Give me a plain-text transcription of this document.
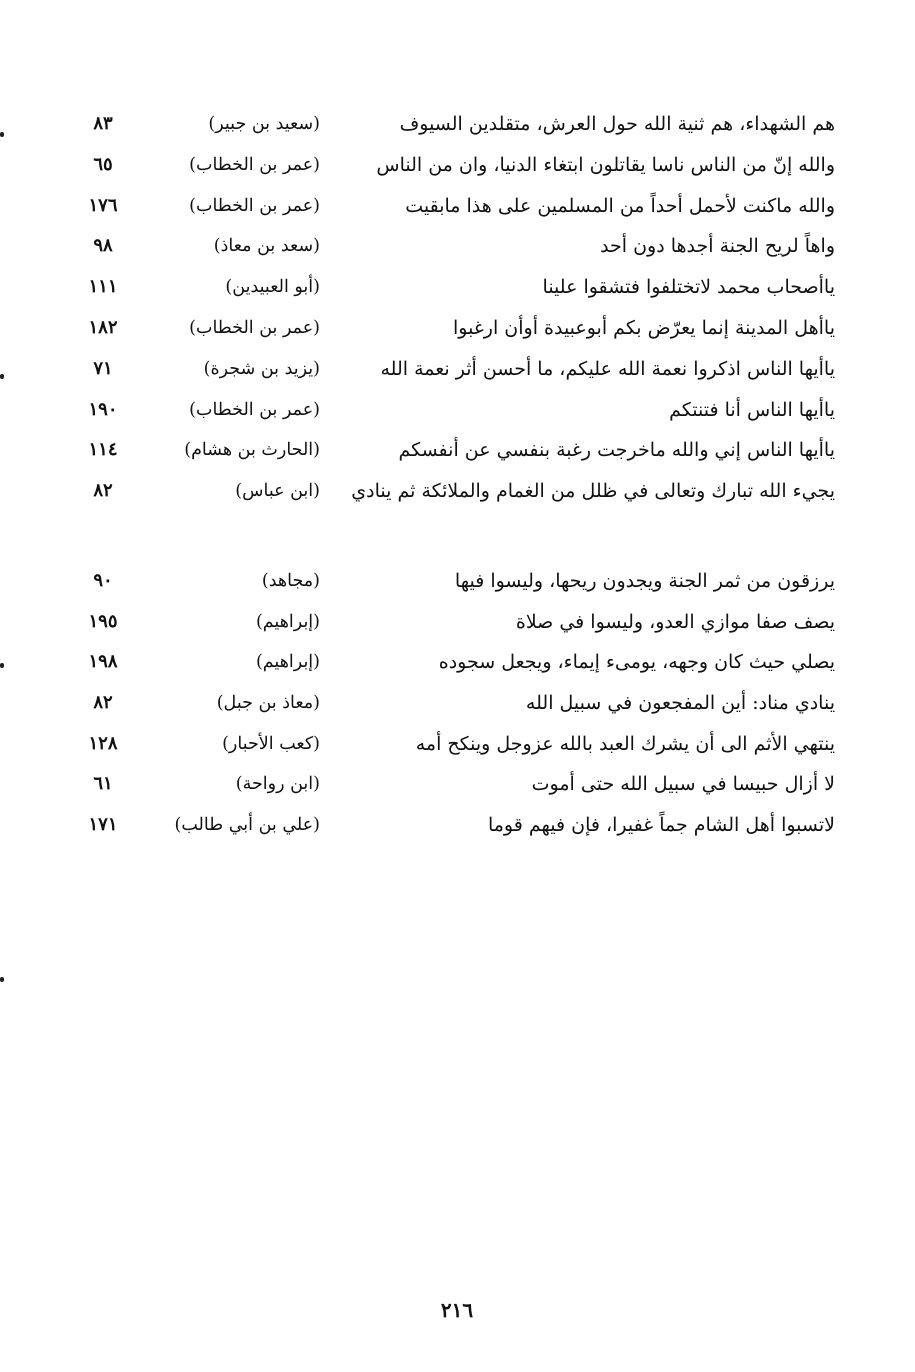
هم الشهداء، هم ثنية الله حول العرش، متقلدين السيوف
(سعيد بن جبير)
٨٣
والله إنّ من الناس ناسا يقاتلون ابتغاء الدنيا، وان من الناس
(عمر بن الخطاب)
٦٥
والله ماكنت لأحمل أحداً من المسلمين على هذا مابقيت
(عمر بن الخطاب)
١٧٦
واهاً لريح الجنة أجدها دون أحد
(سعد بن معاذ)
٩٨
ياأصحاب محمد لاتختلفوا فتشقوا علينا
(أبو العبيدين)
١١١
ياأهل المدينة إنما يعرّض بكم أبوعبيدة أوأن ارغبوا
(عمر بن الخطاب)
١٨٢
ياأيها الناس اذكروا نعمة الله عليكم، ما أحسن أثر نعمة الله
(يزيد بن شجرة)
٧١
ياأيها الناس أنا فتنتكم
(عمر بن الخطاب)
١٩٠
ياأيها الناس إني والله ماخرجت رغبة بنفسي عن أنفسكم
(الحارث بن هشام)
١١٤
يجيء الله تبارك وتعالى في ظلل من الغمام والملائكة ثم ينادي
(ابن عباس)
٨٢
يرزقون من ثمر الجنة ويجدون ريحها، وليسوا فيها
(مجاهد)
٩٠
يصف صفا موازي العدو، وليسوا في صلاة
(إبراهيم)
١٩٥
يصلي حيث كان وجهه، يومىء إيماء، ويجعل سجوده
(إبراهيم)
١٩٨
ينادي مناد: أين المفجعون في سبيل الله
(معاذ بن جبل)
٨٢
ينتهي الأثم الى أن يشرك العبد بالله عزوجل وينكح أمه
(كعب الأحبار)
١٢٨
لا أزال حبيسا في سبيل الله حتى أموت
(ابن رواحة)
٦١
لاتسبوا أهل الشام جماً غفيرا، فإن فيهم قوما
(علي بن أبي طالب)
١٧١
٢١٦
